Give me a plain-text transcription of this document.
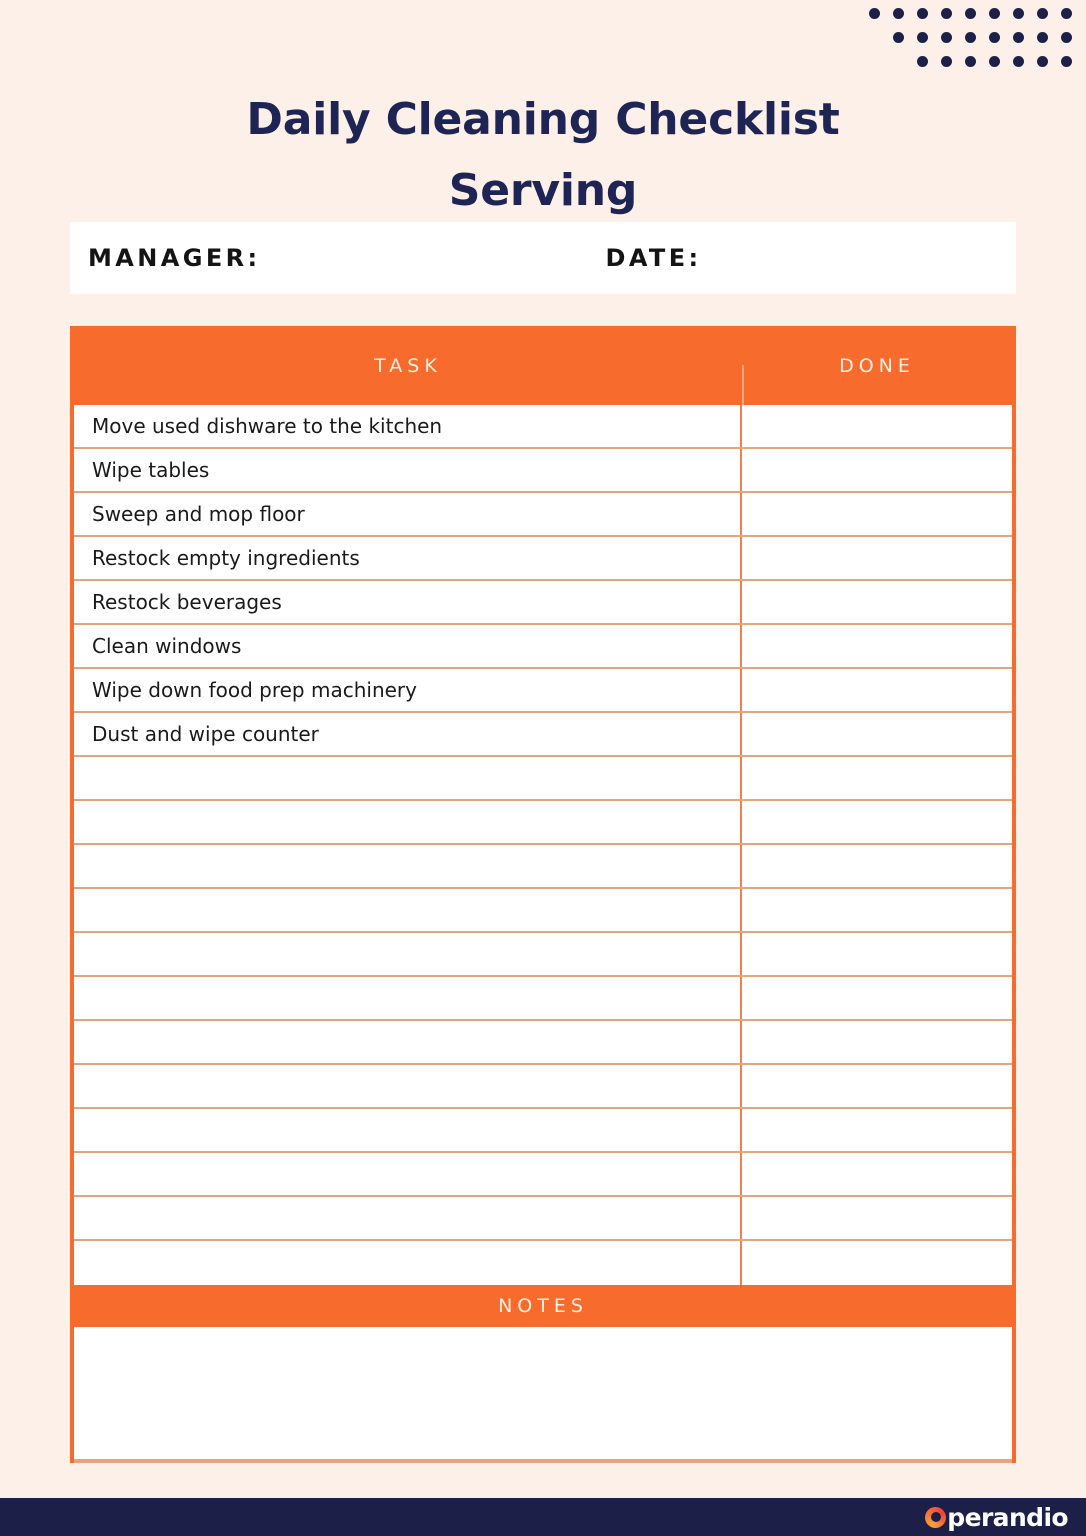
Daily Cleaning Checklist
Serving
MANAGER:	DATE:
TASK	DONE
Move used dishware to the kitchen
Wipe tables
Sweep and mop floor
Restock empty ingredients
Restock beverages
Clean windows
Wipe down food prep machinery
Dust and wipe counter
NOTES
perandio
